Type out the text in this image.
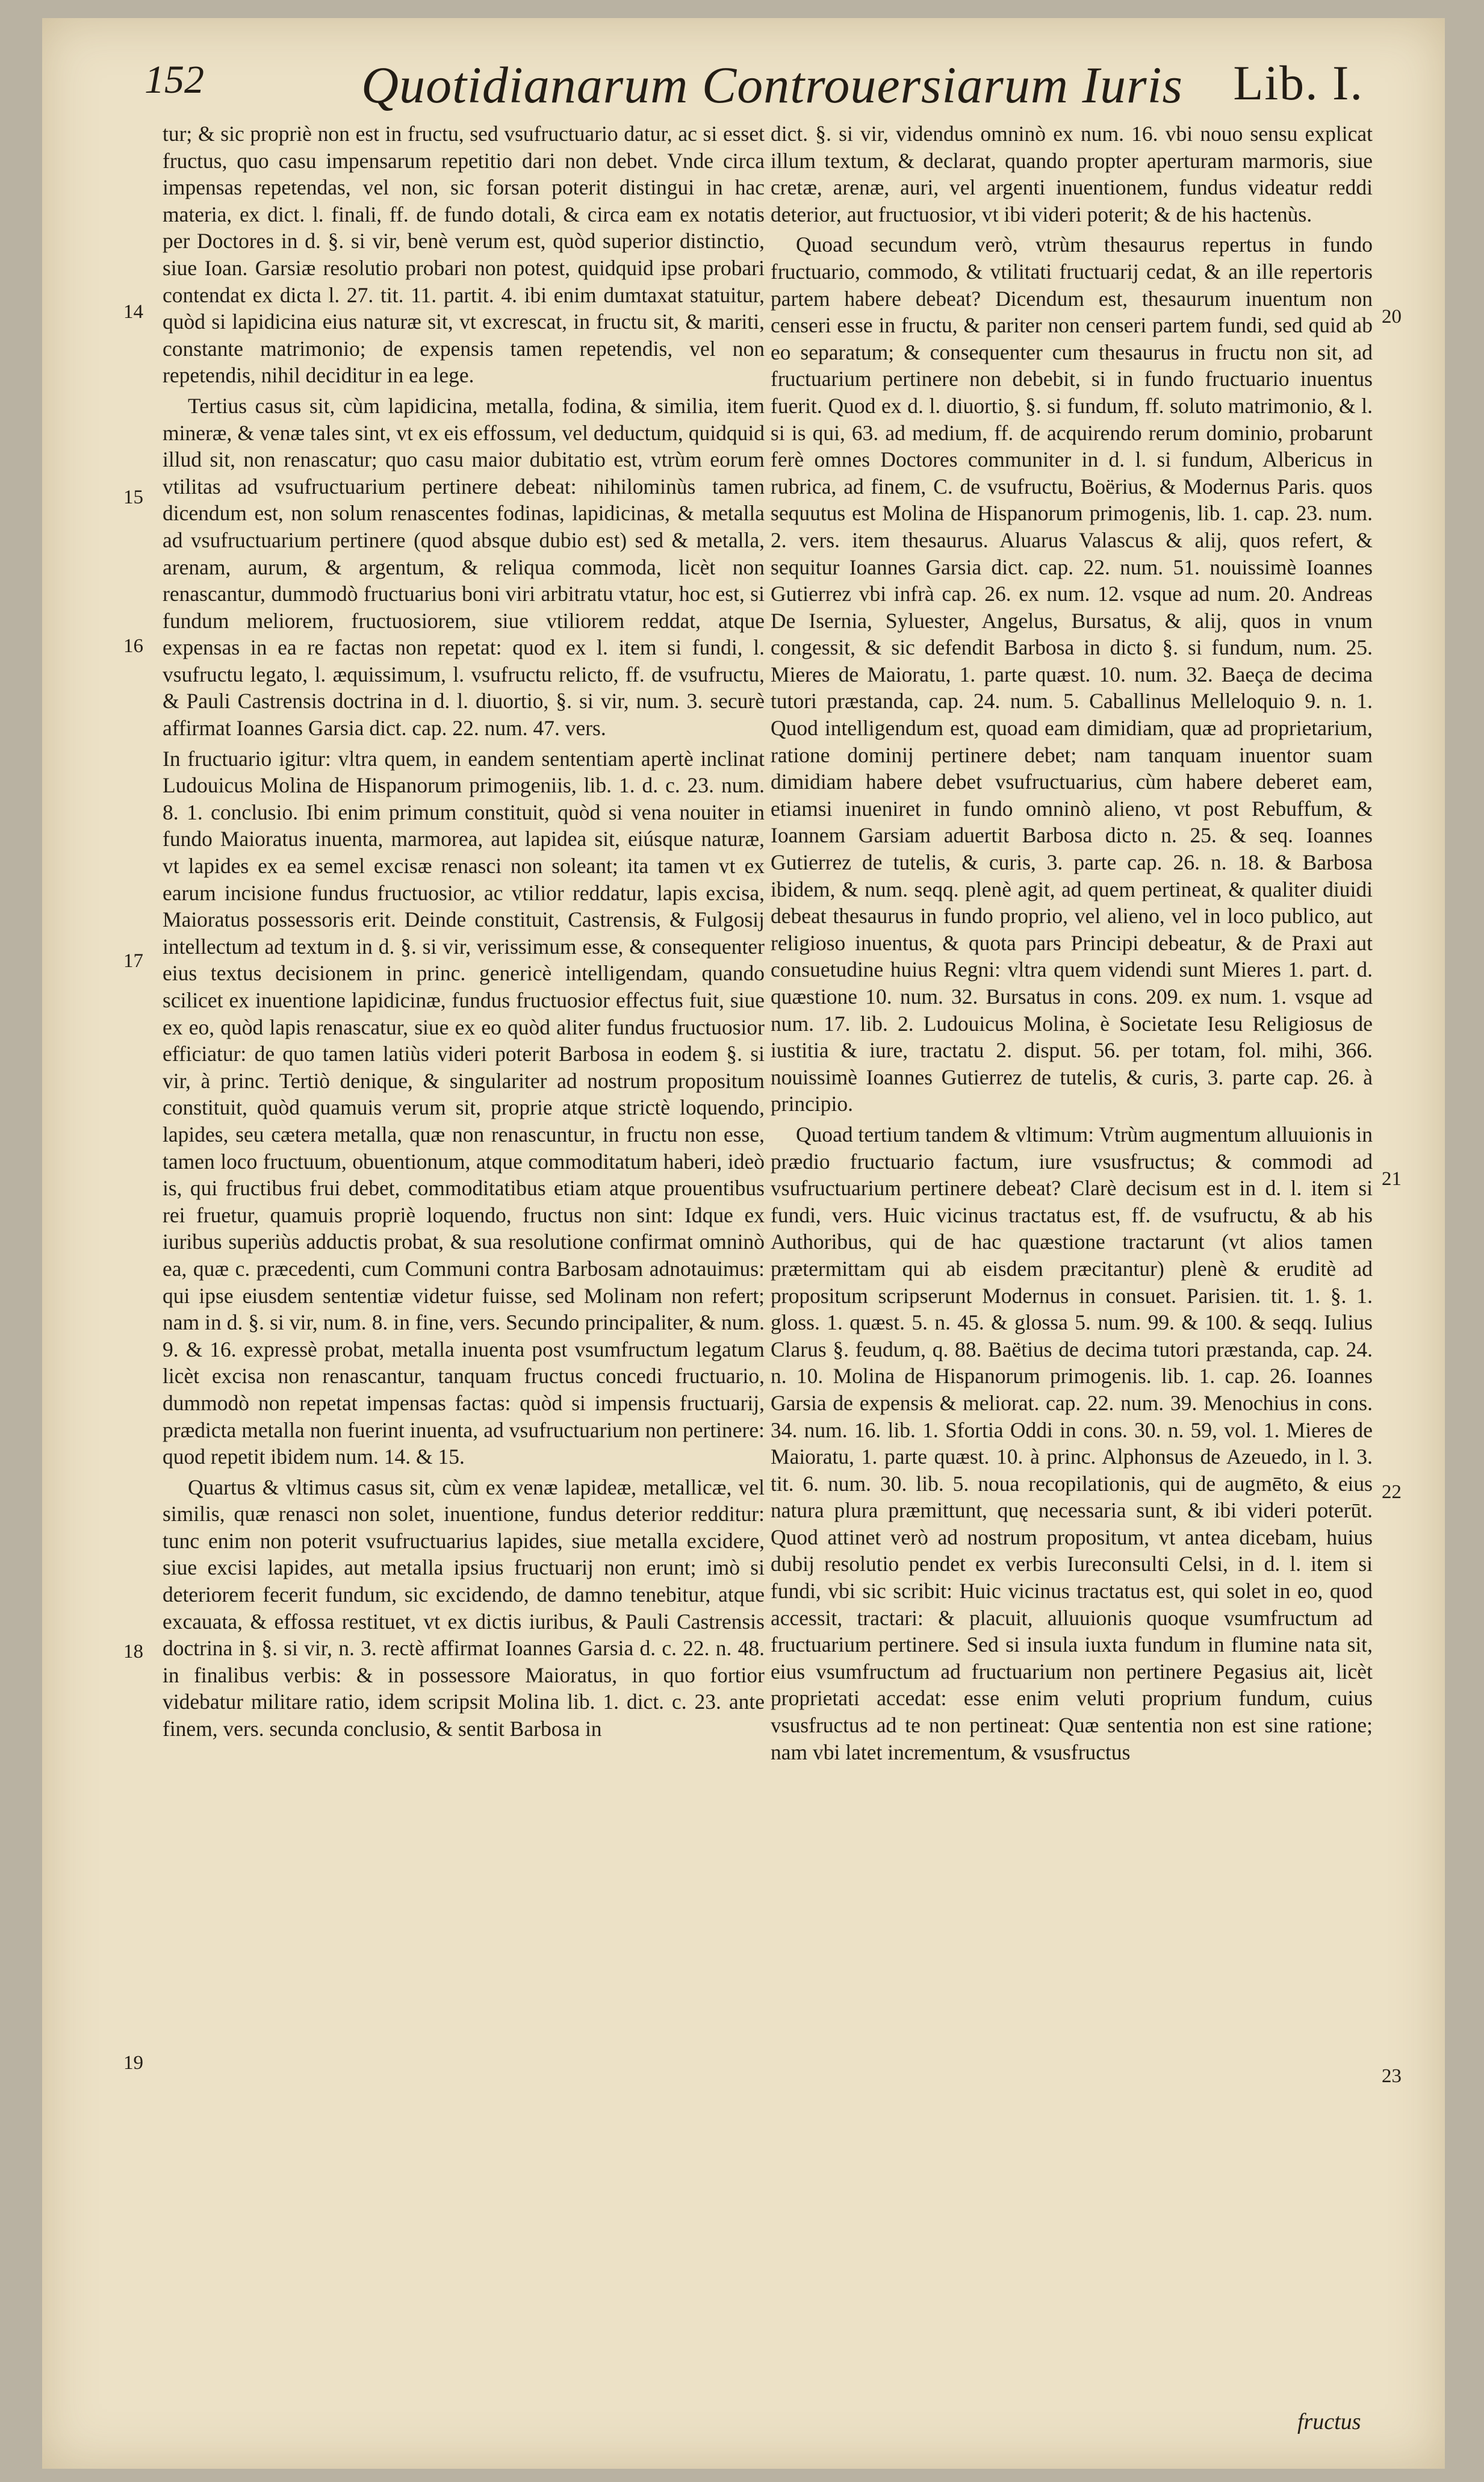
152	Quotidianarum Controuersiarum Iuris Lib. I.
14
15
16
17
18
19
20
21
22
23

tur; & sic propriè non est in fructu, sed vsufructuario datur, ac si esset fructus, quo casu impensarum repetitio dari non debet. Vnde circa impensas repetendas, vel non, sic forsan poterit distingui in hac materia, ex dict. l. finali, ff. de fundo dotali, & circa eam ex notatis per Doctores in d. §. si vir, benè verum est, quòd superior distinctio, siue Ioan. Garsiæ resolutio probari non potest, quidquid ipse probari contendat ex dicta l. 27. tit. 11. partit. 4. ibi enim dumtaxat statuitur, quòd si lapidicina eius naturæ sit, vt excrescat, in fructu sit, & mariti, constante matrimonio; de expensis tamen repetendis, vel non repetendis, nihil deciditur in ea lege.

Tertius casus sit, cùm lapidicina, metalla, fodina, & similia, item mineræ, & venæ tales sint, vt ex eis effossum, vel deductum, quidquid illud sit, non renascatur; quo casu maior dubitatio est, vtrùm eorum vtilitas ad vsufructuarium pertinere debeat: nihilominùs tamen dicendum est, non solum renascentes fodinas, lapidicinas, & metalla ad vsufructuarium pertinere (quod absque dubio est) sed & metalla, arenam, aurum, & argentum, & reliqua commoda, licèt non renascantur, dummodò fructuarius boni viri arbitratu vtatur, hoc est, si fundum meliorem, fructuosiorem, siue vtiliorem reddat, atque expensas in ea re factas non repetat: quod ex l. item si fundi, l. vsufructu legato, l. æquissimum, l. vsufructu relicto, ff. de vsufructu, & Pauli Castrensis doctrina in d. l. diuortio, §. si vir, num. 3. securè affirmat Ioannes Garsia dict. cap. 22. num. 47. vers.

In fructuario igitur: vltra quem, in eandem sententiam apertè inclinat Ludouicus Molina de Hispanorum primogeniis, lib. 1. d. c. 23. num. 8. 1. conclusio. Ibi enim primum constituit, quòd si vena nouiter in fundo Maioratus inuenta, marmorea, aut lapidea sit, eiúsque naturæ, vt lapides ex ea semel excisæ renasci non soleant; ita tamen vt ex earum incisione fundus fructuosior, ac vtilior reddatur, lapis excisa, Maioratus possessoris erit. Deinde constituit, Castrensis, & Fulgosij intellectum ad textum in d. §. si vir, verissimum esse, & consequenter eius textus decisionem in princ. genericè intelligendam, quando scilicet ex inuentione lapidicinæ, fundus fructuosior effectus fuit, siue ex eo, quòd lapis renascatur, siue ex eo quòd aliter fundus fructuosior efficiatur: de quo tamen latiùs videri poterit Barbosa in eodem §. si vir, à princ. Tertiò denique, & singulariter ad nostrum propositum constituit, quòd quamuis verum sit, proprie atque strictè loquendo, lapides, seu cætera metalla, quæ non renascuntur, in fructu non esse, tamen loco fructuum, obuentionum, atque commoditatum haberi, ideò is, qui fructibus frui debet, commoditatibus etiam atque prouentibus rei fruetur, quamuis propriè loquendo, fructus non sint: Idque ex iuribus superiùs adductis probat, & sua resolutione confirmat omninò ea, quæ c. præcedenti, cum Communi contra Barbosam adnotauimus: qui ipse eiusdem sententiæ videtur fuisse, sed Molinam non refert; nam in d. §. si vir, num. 8. in fine, vers. Secundo principaliter, & num. 9. & 16. expressè probat, metalla inuenta post vsumfructum legatum licèt excisa non renascantur, tanquam fructus concedi fructuario, dummodò non repetat impensas factas: quòd si impensis fructuarij, prædicta metalla non fuerint inuenta, ad vsufructuarium non pertinere: quod repetit ibidem num. 14. & 15.

Quartus & vltimus casus sit, cùm ex venæ lapideæ, metallicæ, vel similis, quæ renasci non solet, inuentione, fundus deterior redditur: tunc enim non poterit vsufructuarius lapides, siue metalla excidere, siue excisi lapides, aut metalla ipsius fructuarij non erunt; imò si deteriorem fecerit fundum, sic excidendo, de damno tenebitur, atque excauata, & effossa restituet, vt ex dictis iuribus, & Pauli Castrensis doctrina in §. si vir, n. 3. rectè affirmat Ioannes Garsia d. c. 22. n. 48. in finalibus verbis: & in possessore Maioratus, in quo fortior videbatur militare ratio, idem scripsit Molina lib. 1. dict. c. 23. ante finem, vers. secunda conclusio, & sentit Barbosa in

dict. §. si vir, videndus omninò ex num. 16. vbi nouo sensu explicat illum textum, & declarat, quando propter aperturam marmoris, siue cretæ, arenæ, auri, vel argenti inuentionem, fundus videatur reddi deterior, aut fructuosior, vt ibi videri poterit; & de his hactenùs.

Quoad secundum verò, vtrùm thesaurus repertus in fundo fructuario, commodo, & vtilitati fructuarij cedat, & an ille repertoris partem habere debeat? Dicendum est, thesaurum inuentum non censeri esse in fructu, & pariter non censeri partem fundi, sed quid ab eo separatum; & consequenter cum thesaurus in fructu non sit, ad fructuarium pertinere non debebit, si in fundo fructuario inuentus fuerit. Quod ex d. l. diuortio, §. si fundum, ff. soluto matrimonio, & l. si is qui, 63. ad medium, ff. de acquirendo rerum dominio, probarunt ferè omnes Doctores communiter in d. l. si fundum, Albericus in rubrica, ad finem, C. de vsufructu, Boërius, & Modernus Paris. quos sequutus est Molina de Hispanorum primogenis, lib. 1. cap. 23. num. 2. vers. item thesaurus. Aluarus Valascus & alij, quos refert, & sequitur Ioannes Garsia dict. cap. 22. num. 51. nouissimè Ioannes Gutierrez vbi infrà cap. 26. ex num. 12. vsque ad num. 20. Andreas De Isernia, Syluester, Angelus, Bursatus, & alij, quos in vnum congessit, & sic defendit Barbosa in dicto §. si fundum, num. 25. Mieres de Maioratu, 1. parte quæst. 10. num. 32. Baeça de decima tutori præstanda, cap. 24. num. 5. Caballinus Melleloquio 9. n. 1. Quod intelligendum est, quoad eam dimidiam, quæ ad proprietarium, ratione dominij pertinere debet; nam tanquam inuentor suam dimidiam habere debet vsufructuarius, cùm habere deberet eam, etiamsi inueniret in fundo omninò alieno, vt post Rebuffum, & Ioannem Garsiam aduertit Barbosa dicto n. 25. & seq. Ioannes Gutierrez de tutelis, & curis, 3. parte cap. 26. n. 18. & Barbosa ibidem, & num. seqq. plenè agit, ad quem pertineat, & qualiter diuidi debeat thesaurus in fundo proprio, vel alieno, vel in loco publico, aut religioso inuentus, & quota pars Principi debeatur, & de Praxi aut consuetudine huius Regni: vltra quem videndi sunt Mieres 1. part. d. quæstione 10. num. 32. Bursatus in cons. 209. ex num. 1. vsque ad num. 17. lib. 2. Ludouicus Molina, è Societate Iesu Religiosus de iustitia & iure, tractatu 2. disput. 56. per totam, fol. mihi, 366. nouissimè Ioannes Gutierrez de tutelis, & curis, 3. parte cap. 26. à principio.

Quoad tertium tandem & vltimum: Vtrùm augmentum alluuionis in prædio fructuario factum, iure vsusfructus; & commodi ad vsufructuarium pertinere debeat? Clarè decisum est in d. l. item si fundi, vers. Huic vicinus tractatus est, ff. de vsufructu, & ab his Authoribus, qui de hac quæstione tractarunt (vt alios tamen prætermittam qui ab eisdem præcitantur) plenè & eruditè ad propositum scripserunt Modernus in consuet. Parisien. tit. 1. §. 1. gloss. 1. quæst. 5. n. 45. & glossa 5. num. 99. & 100. & seqq. Iulius Clarus §. feudum, q. 88. Baëtius de decima tutori præstanda, cap. 24. n. 10. Molina de Hispanorum primogenis. lib. 1. cap. 26. Ioannes Garsia de expensis & meliorat. cap. 22. num. 39. Menochius in cons. 34. num. 16. lib. 1. Sfortia Oddi in cons. 30. n. 59, vol. 1. Mieres de Maioratu, 1. parte quæst. 10. à princ. Alphonsus de Azeuedo, in l. 3. tit. 6. num. 30. lib. 5. noua recopilationis, qui de augmēto, & eius natura plura præmittunt, quę necessaria sunt, & ibi videri poterūt. Quod attinet verò ad nostrum propositum, vt antea dicebam, huius dubij resolutio pendet ex verbis Iureconsulti Celsi, in d. l. item si fundi, vbi sic scribit: Huic vicinus tractatus est, qui solet in eo, quod accessit, tractari: & placuit, alluuionis quoque vsumfructum ad fructuarium pertinere. Sed si insula iuxta fundum in flumine nata sit, eius vsumfructum ad fructuarium non pertinere Pegasius ait, licèt proprietati accedat: esse enim veluti proprium fundum, cuius vsusfructus ad te non pertineat: Quæ sententia non est sine ratione; nam vbi latet incrementum, & vsusfructus

fructus
